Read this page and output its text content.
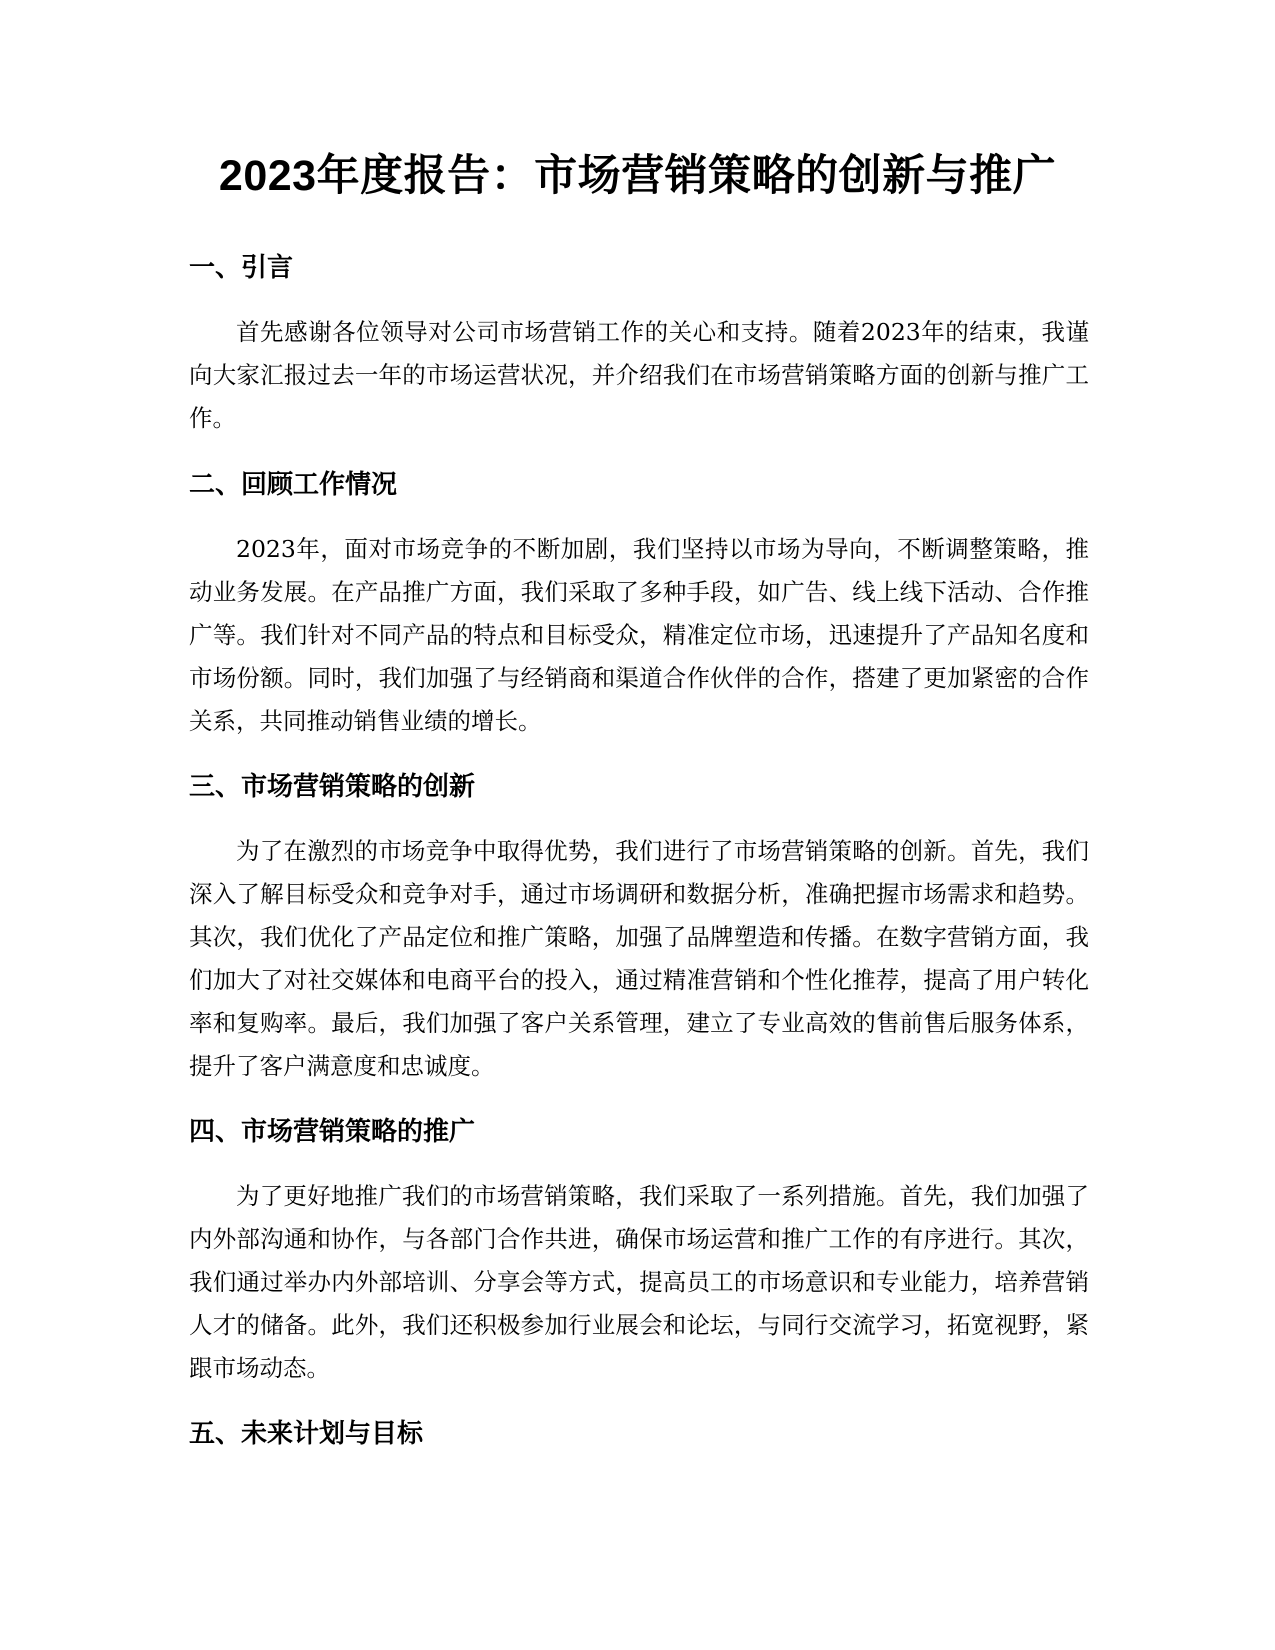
2023年度报告：市场营销策略的创新与推广
一、引言

首先感谢各位领导对公司市场营销工作的关心和支持。随着2023年的结束，我谨向大家汇报过去一年的市场运营状况，并介绍我们在市场营销策略方面的创新与推广工作。

二、回顾工作情况

2023年，面对市场竞争的不断加剧，我们坚持以市场为导向，不断调整策略，推动业务发展。在产品推广方面，我们采取了多种手段，如广告、线上线下活动、合作推广等。我们针对不同产品的特点和目标受众，精准定位市场，迅速提升了产品知名度和市场份额。同时，我们加强了与经销商和渠道合作伙伴的合作，搭建了更加紧密的合作关系，共同推动销售业绩的增长。

三、市场营销策略的创新

为了在激烈的市场竞争中取得优势，我们进行了市场营销策略的创新。首先，我们深入了解目标受众和竞争对手，通过市场调研和数据分析，准确把握市场需求和趋势。其次，我们优化了产品定位和推广策略，加强了品牌塑造和传播。在数字营销方面，我们加大了对社交媒体和电商平台的投入，通过精准营销和个性化推荐，提高了用户转化率和复购率。最后，我们加强了客户关系管理，建立了专业高效的售前售后服务体系，提升了客户满意度和忠诚度。

四、市场营销策略的推广

为了更好地推广我们的市场营销策略，我们采取了一系列措施。首先，我们加强了内外部沟通和协作，与各部门合作共进，确保市场运营和推广工作的有序进行。其次，我们通过举办内外部培训、分享会等方式，提高员工的市场意识和专业能力，培养营销人才的储备。此外，我们还积极参加行业展会和论坛，与同行交流学习，拓宽视野，紧跟市场动态。

五、未来计划与目标
